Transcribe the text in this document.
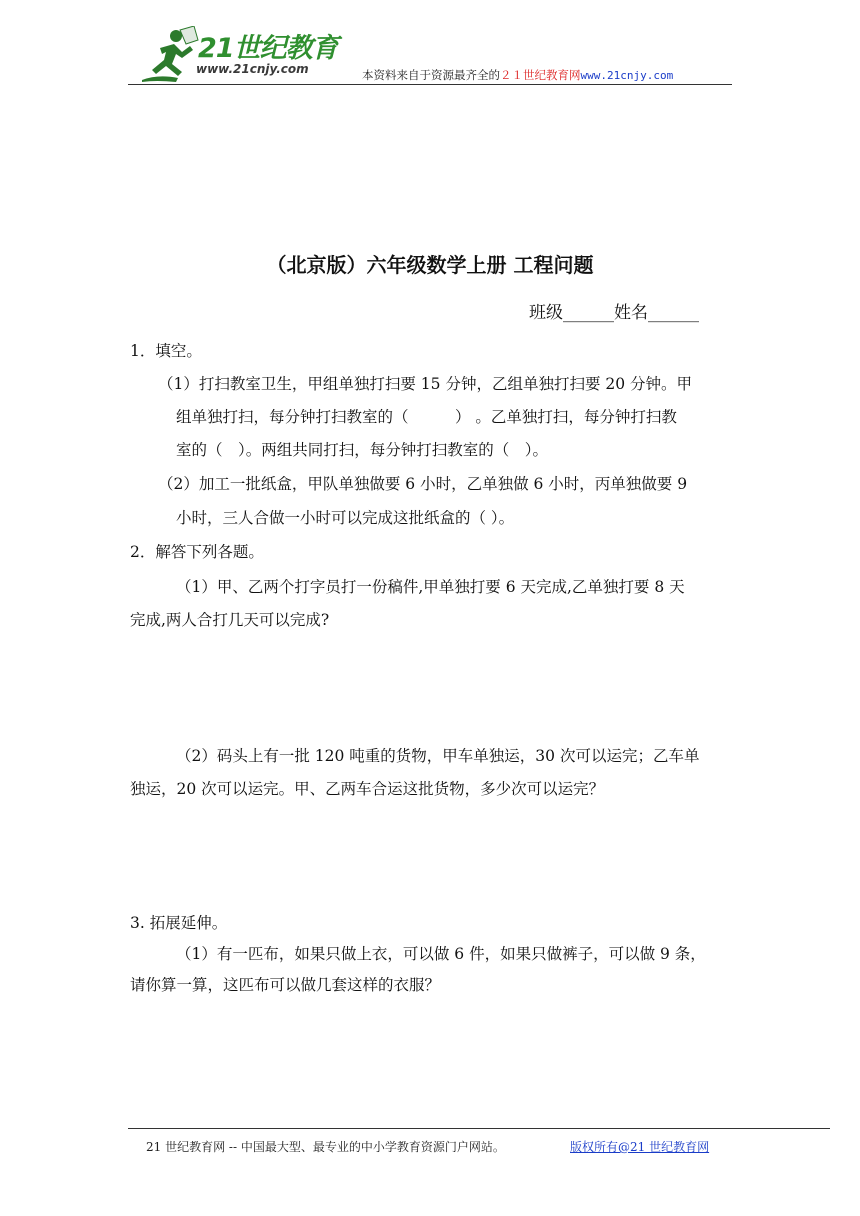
21世纪教育
www.21cnjy.com	本资料来自于资源最齐全的２１世纪教育网www.21cnjy.com
（北京版）六年级数学上册 工程问题
班级______姓名______
1．填空。
（1）打扫教室卫生，甲组单独打扫要 15 分钟，乙组单独打扫要 20 分钟。甲
组单独打扫，每分钟打扫教室的（　　　） 。乙单独打扫，每分钟打扫教
室的（　）。两组共同打扫，每分钟打扫教室的（　）。
（2）加工一批纸盒，甲队单独做要 6 小时，乙单独做 6 小时，丙单独做要 9
小时，三人合做一小时可以完成这批纸盒的（ ）。
2．解答下列各题。
（1）甲、乙两个打字员打一份稿件,甲单独打要 6 天完成,乙单独打要 8 天
完成,两人合打几天可以完成?
（2）码头上有一批 120 吨重的货物，甲车单独运，30 次可以运完；乙车单
独运，20 次可以运完。甲、乙两车合运这批货物，多少次可以运完？
3. 拓展延伸。
（1）有一匹布，如果只做上衣，可以做 6 件，如果只做裤子，可以做 9 条，
请你算一算，这匹布可以做几套这样的衣服？
21 世纪教育网 -- 中国最大型、最专业的中小学教育资源门户网站。	版权所有@21 世纪教育网
